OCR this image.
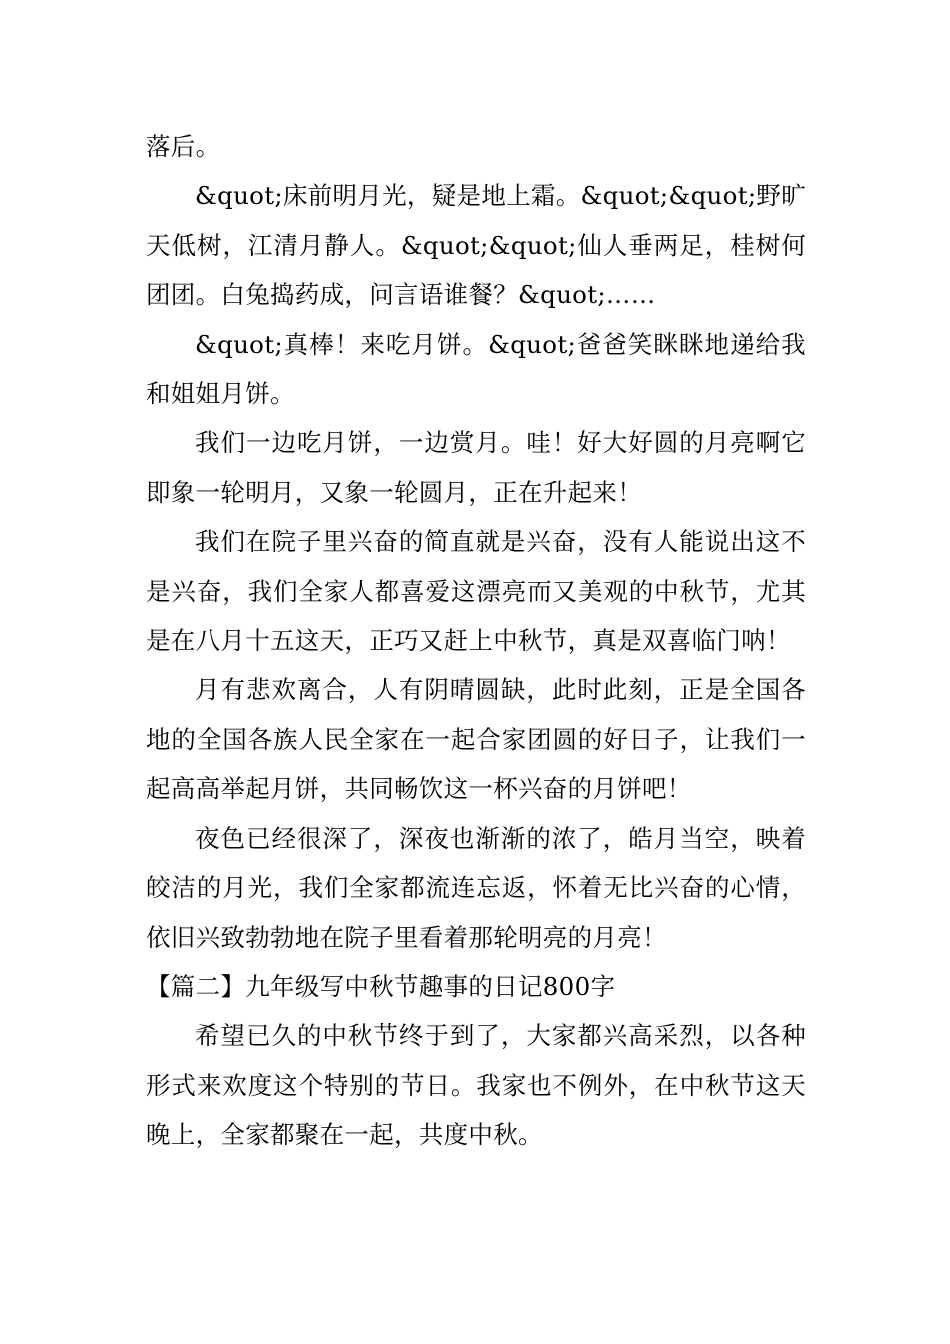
落后。

&quot;床前明月光，疑是地上霜。&quot;&quot;野旷天低树，江清月静人。&quot;&quot;仙人垂两足，桂树何团团。白兔捣药成，问言语谁餐？&quot;……

&quot;真棒！来吃月饼。&quot;爸爸笑眯眯地递给我和姐姐月饼。

我们一边吃月饼，一边赏月。哇！好大好圆的月亮啊它即象一轮明月，又象一轮圆月，正在升起来！

我们在院子里兴奋的简直就是兴奋，没有人能说出这不是兴奋，我们全家人都喜爱这漂亮而又美观的中秋节，尤其是在八月十五这天，正巧又赶上中秋节，真是双喜临门呐！

月有悲欢离合，人有阴晴圆缺，此时此刻，正是全国各地的全国各族人民全家在一起合家团圆的好日子，让我们一起高高举起月饼，共同畅饮这一杯兴奋的月饼吧！

夜色已经很深了，深夜也渐渐的浓了，皓月当空，映着皎洁的月光，我们全家都流连忘返，怀着无比兴奋的心情，依旧兴致勃勃地在院子里看着那轮明亮的月亮！

【篇二】九年级写中秋节趣事的日记800字

希望已久的中秋节终于到了，大家都兴高采烈，以各种形式来欢度这个特别的节日。我家也不例外，在中秋节这天晚上，全家都聚在一起，共度中秋。
